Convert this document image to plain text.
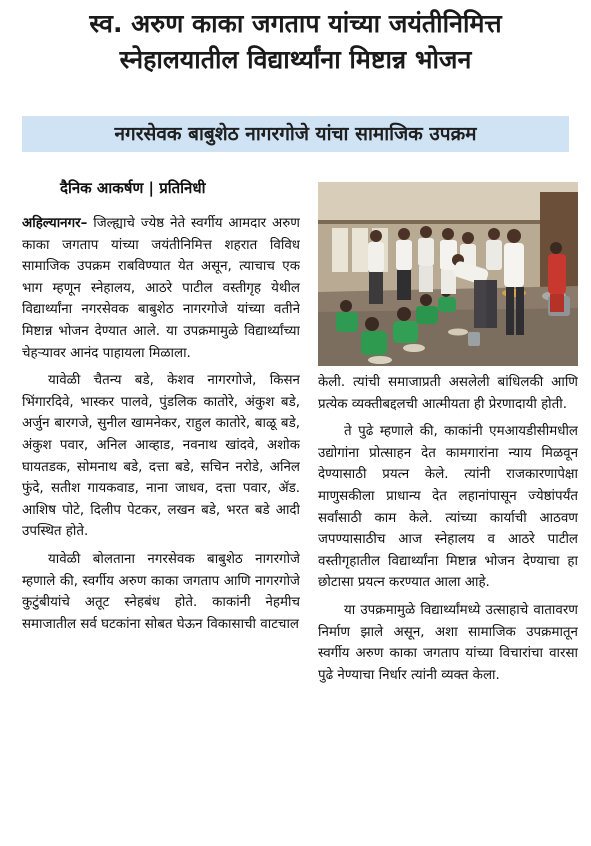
स्व. अरुण काका जगताप यांच्या जयंतीनिमित्त
स्नेहालयातील विद्यार्थ्यांना मिष्टान्न भोजन
नगरसेवक बाबुशेठ नागरगोजे यांचा सामाजिक उपक्रम
दैनिक आकर्षण | प्रतिनिधी

अहिल्यानगर– जिल्ह्याचे ज्येष्ठ नेते स्वर्गीय आमदार अरुण काका जगताप यांच्या जयंतीनिमित्त शहरात विविध सामाजिक उपक्रम राबविण्यात येत असून, त्याचाच एक भाग म्हणून स्नेहालय, आठरे पाटील वस्तीगृह येथील विद्यार्थ्यांना नगरसेवक बाबुशेठ नागरगोजे यांच्या वतीने मिष्टान्न भोजन देण्यात आले. या उपक्रमामुळे विद्यार्थ्यांच्या चेहऱ्यावर आनंद पाहायला मिळाला.

यावेळी चैतन्य बडे, केशव नागरगोजे, किसन भिंगारदिवे, भास्कर पालवे, पुंडलिक कातोरे, अंकुश बडे, अर्जुन बारगजे, सुनील खामनेकर, राहुल कातोरे, बाळू बडे, अंकुश पवार, अनिल आव्हाड, नवनाथ खांदवे, अशोक घायतडक, सोमनाथ बडे, दत्ता बडे, सचिन नरोडे, अनिल फुंदे, सतीश गायकवाड, नाना जाधव, दत्ता पवार, ॲड. आशिष पोटे, दिलीप पेटकर, लखन बडे, भरत बडे आदी उपस्थित होते.

यावेळी बोलताना नगरसेवक बाबुशेठ नागरगोजे म्हणाले की, स्वर्गीय अरुण काका जगताप आणि नागरगोजे कुटुंबीयांचे अतूट स्नेहबंध होते. काकांनी नेहमीच समाजातील सर्व घटकांना सोबत घेऊन विकासाची वाटचाल

केली. त्यांची समाजाप्रती असलेली बांधिलकी आणि प्रत्येक व्यक्तीबद्दलची आत्मीयता ही प्रेरणादायी होती.

ते पुढे म्हणाले की, काकांनी एमआयडीसीमधील उद्योगांना प्रोत्साहन देत कामगारांना न्याय मिळवून देण्यासाठी प्रयत्न केले. त्यांनी राजकारणापेक्षा माणुसकीला प्राधान्य देत लहानांपासून ज्येष्ठांपर्यंत सर्वांसाठी काम केले. त्यांच्या कार्याची आठवण जपण्यासाठीच आज स्नेहालय व आठरे पाटील वस्तीगृहातील विद्यार्थ्यांना मिष्टान्न भोजन देण्याचा हा छोटासा प्रयत्न करण्यात आला आहे.

या उपक्रमामुळे विद्यार्थ्यांमध्ये उत्साहाचे वातावरण निर्माण झाले असून, अशा सामाजिक उपक्रमातून स्वर्गीय अरुण काका जगताप यांच्या विचारांचा वारसा पुढे नेण्याचा निर्धार त्यांनी व्यक्त केला.
